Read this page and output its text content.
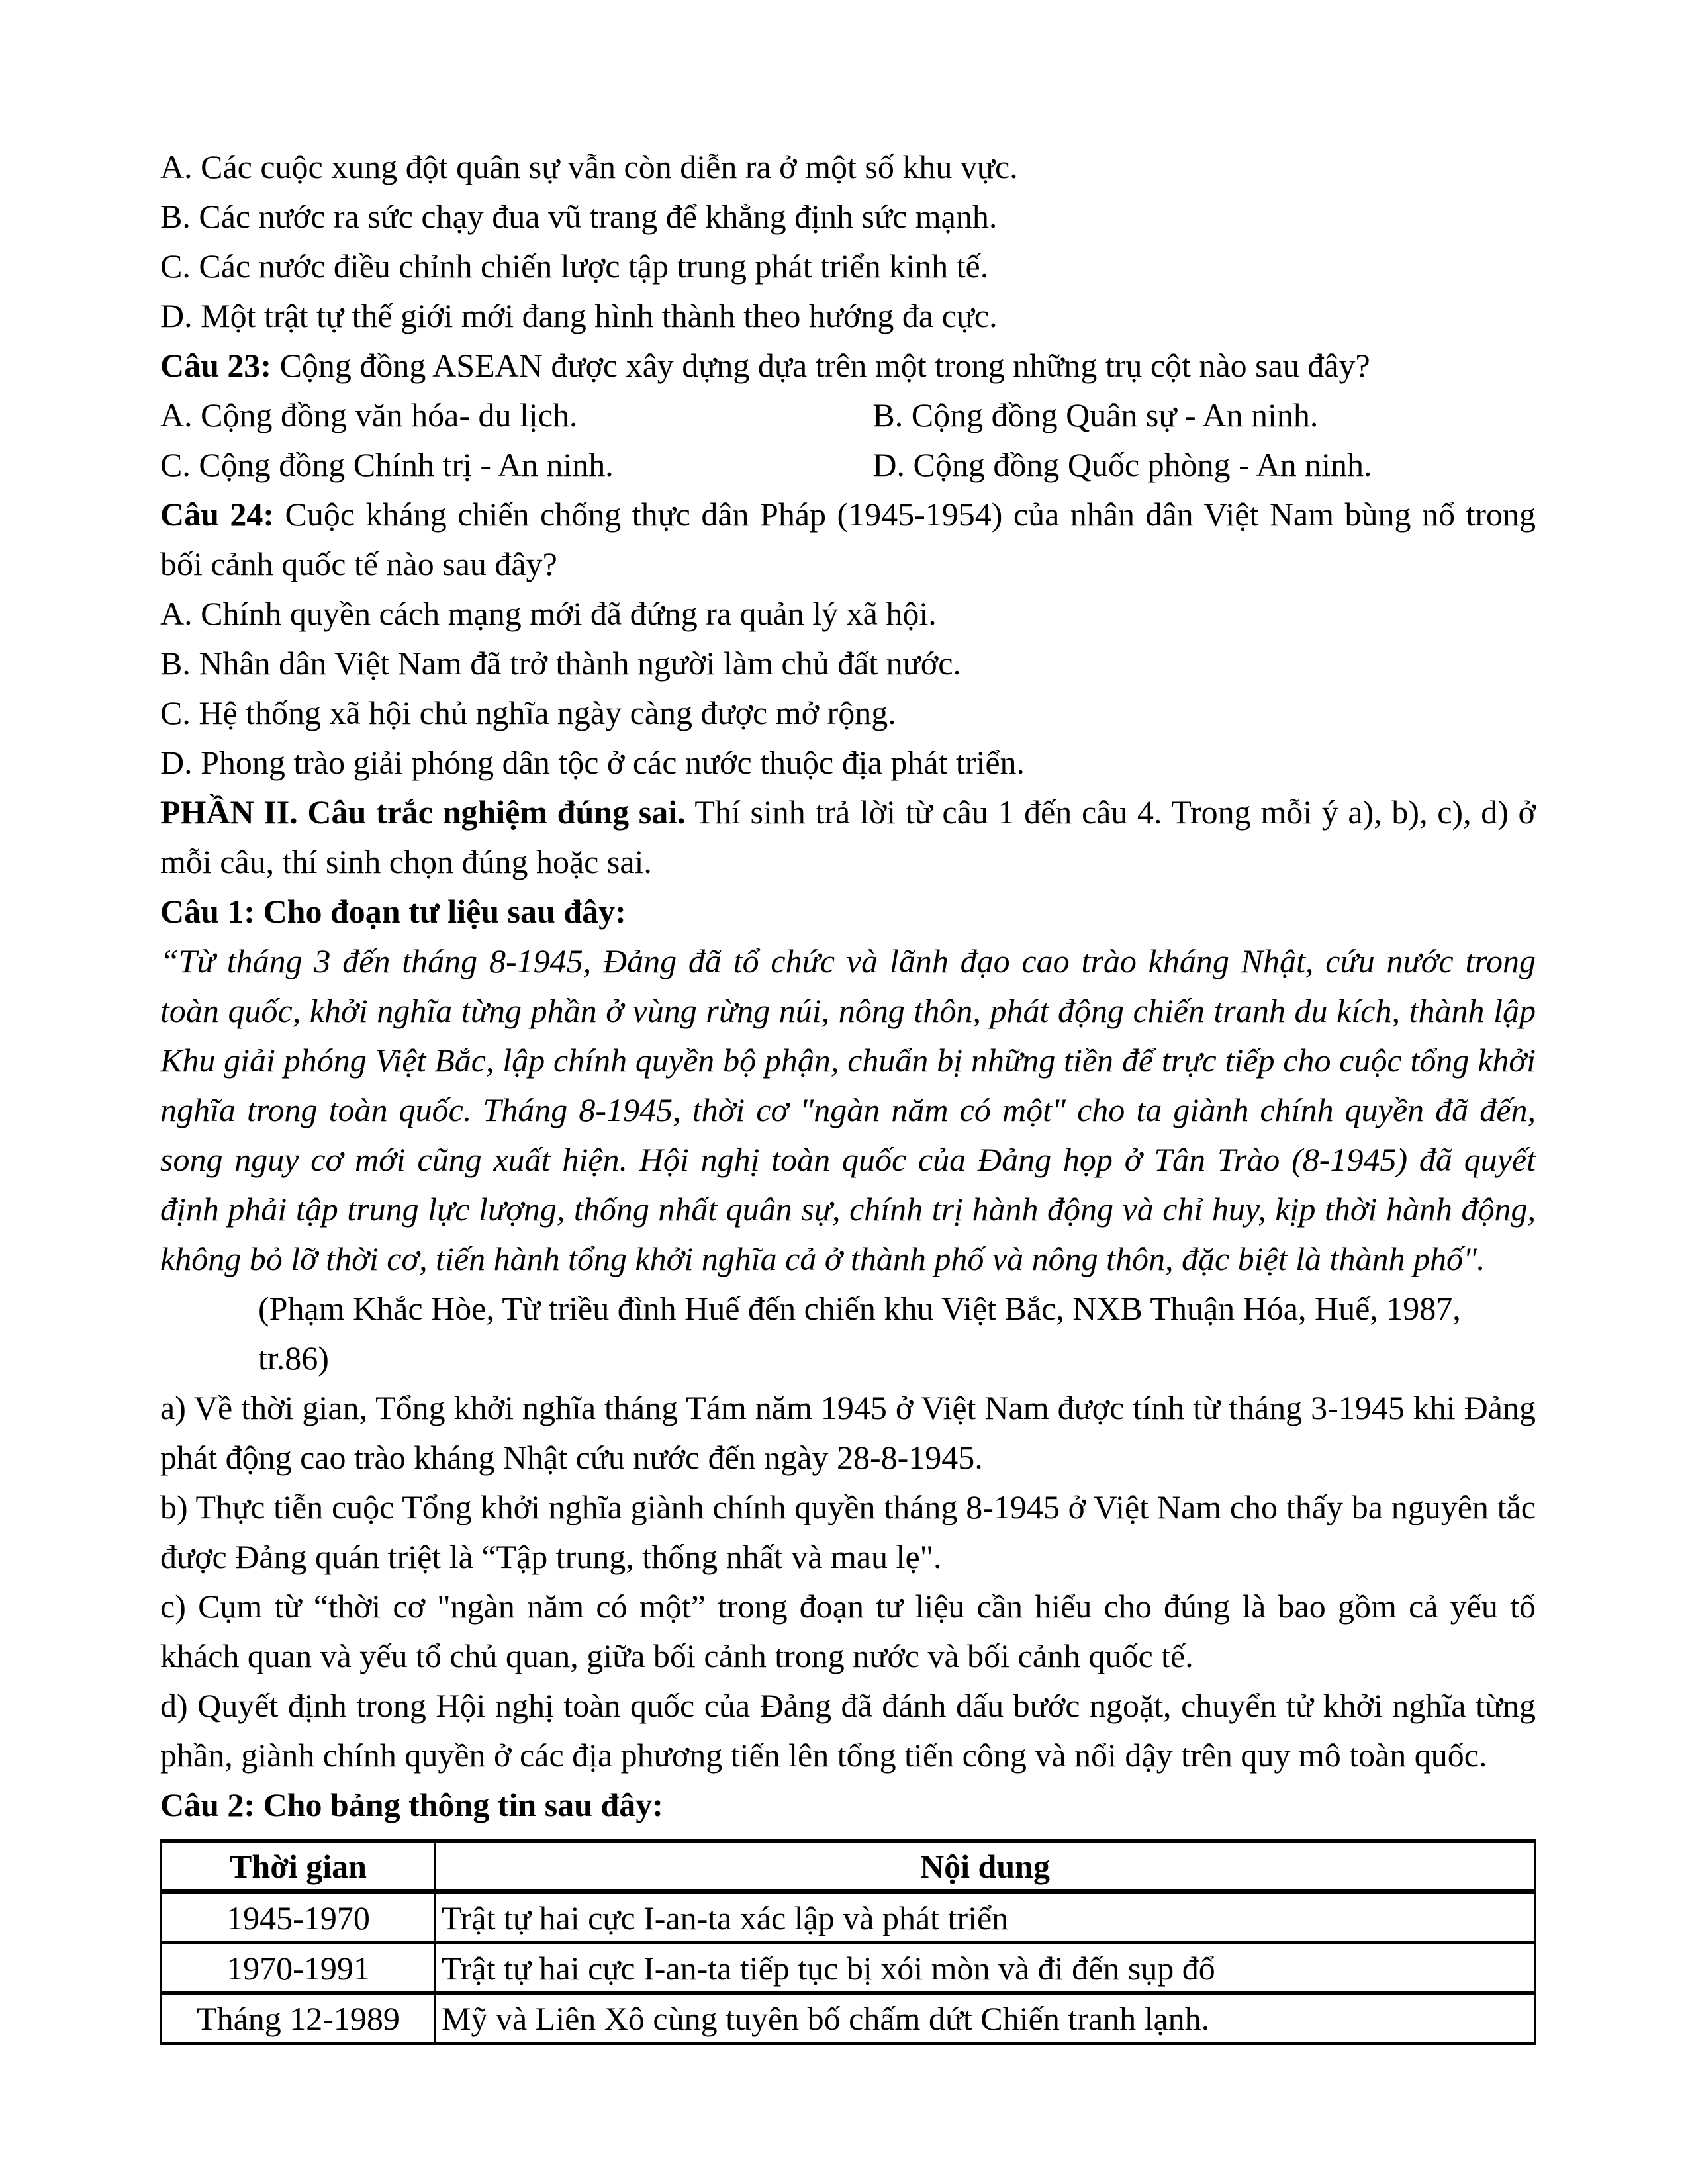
A. Các cuộc xung đột quân sự vẫn còn diễn ra ở một số khu vực.

B. Các nước ra sức chạy đua vũ trang để khẳng định sức mạnh.

C. Các nước điều chỉnh chiến lược tập trung phát triển kinh tế.

D. Một trật tự thế giới mới đang hình thành theo hướng đa cực.

Câu 23: Cộng đồng ASEAN được xây dựng dựa trên một trong những trụ cột nào sau đây?

A. Cộng đồng văn hóa- du lịch.	B. Cộng đồng Quân sự - An ninh.
C. Cộng đồng Chính trị - An ninh.	D. Cộng đồng Quốc phòng - An ninh.

Câu 24: Cuộc kháng chiến chống thực dân Pháp (1945-1954) của nhân dân Việt Nam bùng nổ trong bối cảnh quốc tế nào sau đây?

A. Chính quyền cách mạng mới đã đứng ra quản lý xã hội.

B. Nhân dân Việt Nam đã trở thành người làm chủ đất nước.

C. Hệ thống xã hội chủ nghĩa ngày càng được mở rộng.

D. Phong trào giải phóng dân tộc ở các nước thuộc địa phát triển.

PHẦN II. Câu trắc nghiệm đúng sai. Thí sinh trả lời từ câu 1 đến câu 4. Trong mỗi ý a), b), c), d) ở mỗi câu, thí sinh chọn đúng hoặc sai.

Câu 1: Cho đoạn tư liệu sau đây:

“Từ tháng 3 đến tháng 8-1945, Đảng đã tổ chức và lãnh đạo cao trào kháng Nhật, cứu nước trong toàn quốc, khởi nghĩa từng phần ở vùng rừng núi, nông thôn, phát động chiến tranh du kích, thành lập Khu giải phóng Việt Bắc, lập chính quyền bộ phận, chuẩn bị những tiền để trực tiếp cho cuộc tổng khởi nghĩa trong toàn quốc. Tháng 8-1945, thời cơ "ngàn năm có một" cho ta giành chính quyền đã đến, song nguy cơ mới cũng xuất hiện. Hội nghị toàn quốc của Đảng họp ở Tân Trào (8-1945) đã quyết định phải tập trung lực lượng, thống nhất quân sự, chính trị hành động và chỉ huy, kịp thời hành động, không bỏ lỡ thời cơ, tiến hành tổng khởi nghĩa cả ở thành phố và nông thôn, đặc biệt là thành phố".

(Phạm Khắc Hòe, Từ triều đình Huế đến chiến khu Việt Bắc, NXB Thuận Hóa, Huế, 1987, tr.86)

a) Về thời gian, Tổng khởi nghĩa tháng Tám năm 1945 ở Việt Nam được tính từ tháng 3-1945 khi Đảng phát động cao trào kháng Nhật cứu nước đến ngày 28-8-1945.

b) Thực tiễn cuộc Tổng khởi nghĩa giành chính quyền tháng 8-1945 ở Việt Nam cho thấy ba nguyên tắc được Đảng quán triệt là “Tập trung, thống nhất và mau lẹ".

c) Cụm từ “thời cơ "ngàn năm có một” trong đoạn tư liệu cần hiểu cho đúng là bao gồm cả yếu tố khách quan và yếu tổ chủ quan, giữa bối cảnh trong nước và bối cảnh quốc tế.

d) Quyết định trong Hội nghị toàn quốc của Đảng đã đánh dấu bước ngoặt, chuyển tử khởi nghĩa từng phần, giành chính quyền ở các địa phương tiến lên tổng tiến công và nổi dậy trên quy mô toàn quốc.

Câu 2: Cho bảng thông tin sau đây:

Thời gian	Nội dung
1945-1970	Trật tự hai cực I-an-ta xác lập và phát triển
1970-1991	Trật tự hai cực I-an-ta tiếp tục bị xói mòn và đi đến sụp đổ
Tháng 12-1989	Mỹ và Liên Xô cùng tuyên bố chấm dứt Chiến tranh lạnh.
